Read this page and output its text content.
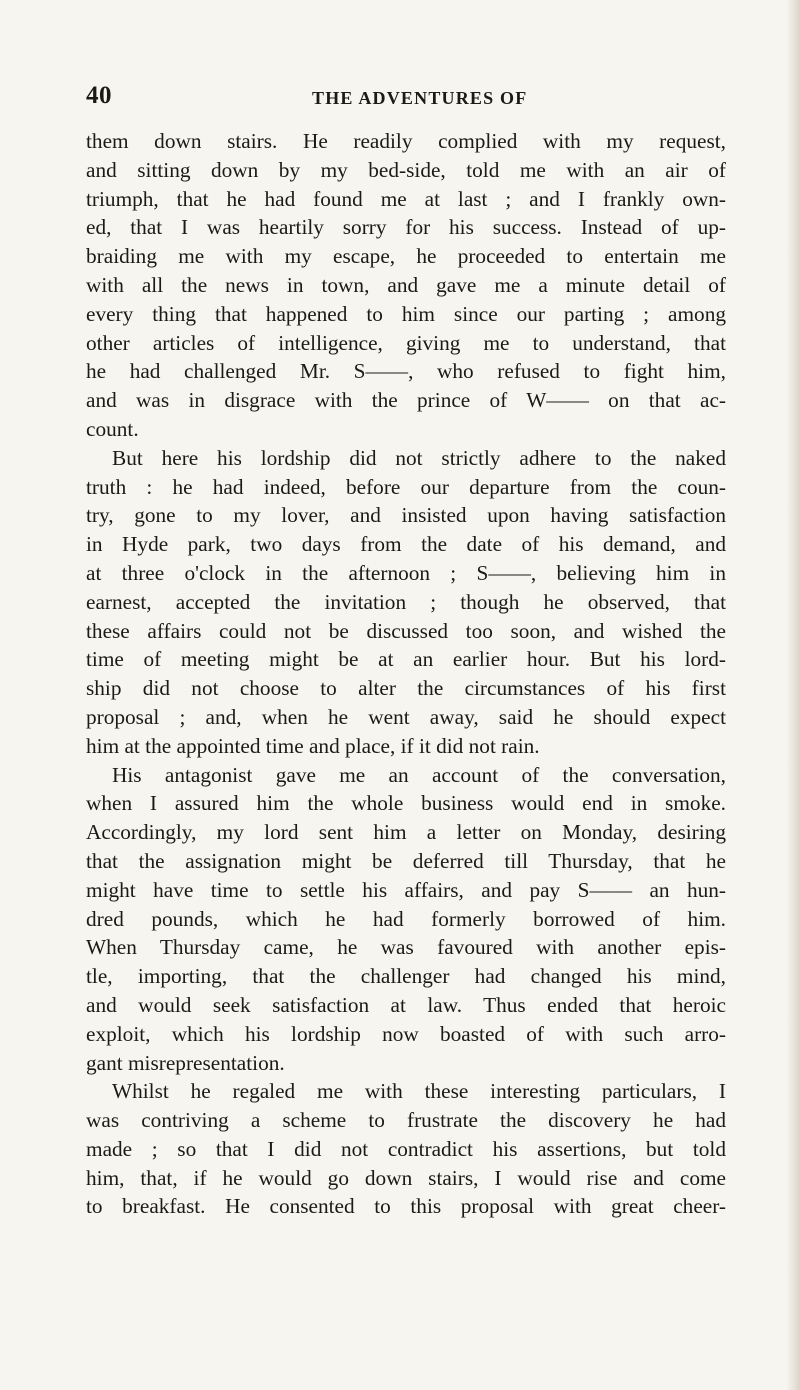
40	THE ADVENTURES OF
them down stairs. He readily complied with my request,
and sitting down by my bed-side, told me with an air of
triumph, that he had found me at last ; and I frankly own-
ed, that I was heartily sorry for his success. Instead of up-
braiding me with my escape, he proceeded to entertain me
with all the news in town, and gave me a minute detail of
every thing that happened to him since our parting ; among
other articles of intelligence, giving me to understand, that
he had challenged Mr. S——, who refused to fight him,
and was in disgrace with the prince of W—— on that ac-
count.
But here his lordship did not strictly adhere to the naked
truth : he had indeed, before our departure from the coun-
try, gone to my lover, and insisted upon having satisfaction
in Hyde park, two days from the date of his demand, and
at three o'clock in the afternoon ; S——, believing him in
earnest, accepted the invitation ; though he observed, that
these affairs could not be discussed too soon, and wished the
time of meeting might be at an earlier hour. But his lord-
ship did not choose to alter the circumstances of his first
proposal ; and, when he went away, said he should expect
him at the appointed time and place, if it did not rain.
His antagonist gave me an account of the conversation,
when I assured him the whole business would end in smoke.
Accordingly, my lord sent him a letter on Monday, desiring
that the assignation might be deferred till Thursday, that he
might have time to settle his affairs, and pay S—— an hun-
dred pounds, which he had formerly borrowed of him.
When Thursday came, he was favoured with another epis-
tle, importing, that the challenger had changed his mind,
and would seek satisfaction at law. Thus ended that heroic
exploit, which his lordship now boasted of with such arro-
gant misrepresentation.
Whilst he regaled me with these interesting particulars, I
was contriving a scheme to frustrate the discovery he had
made ; so that I did not contradict his assertions, but told
him, that, if he would go down stairs, I would rise and come
to breakfast. He consented to this proposal with great cheer-
